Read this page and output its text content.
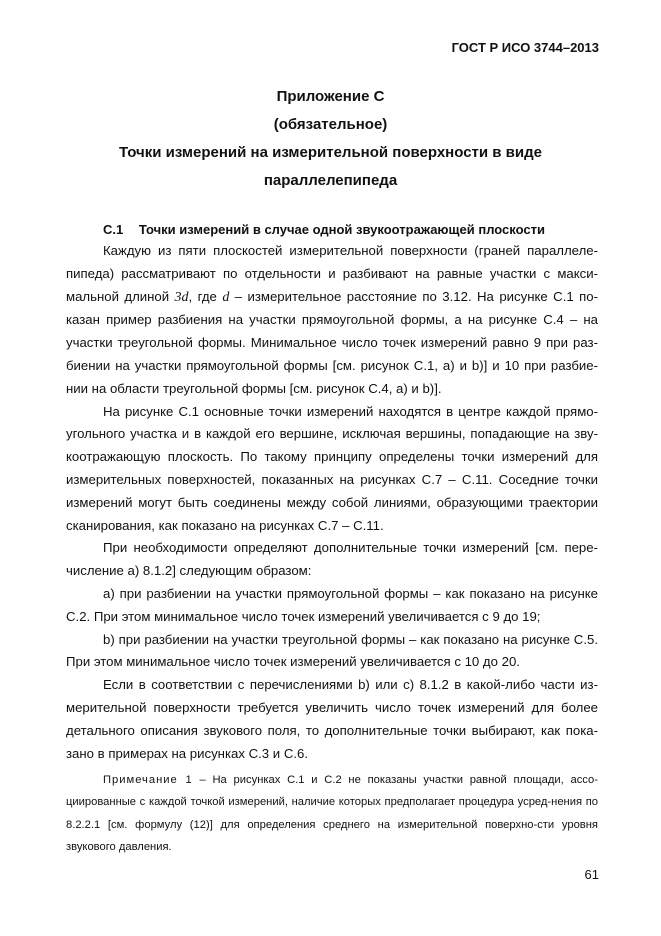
ГОСТ Р ИСО 3744–2013
Приложение C
(обязательное)
Точки измерений на измерительной поверхности в виде
параллелепипеда
C.1 Точки измерений в случае одной звукоотражающей плоскости

Каждую из пяти плоскостей измерительной поверхности (граней параллеле-пипеда) рассматривают по отдельности и разбивают на равные участки с макси-мальной длиной 3d, где d – измерительное расстояние по 3.12. На рисунке С.1 по-казан пример разбиения на участки прямоугольной формы, а на рисунке С.4 – на участки треугольной формы. Минимальное число точек измерений равно 9 при раз-биении на участки прямоугольной формы [см. рисунок С.1, а) и b)] и 10 при разбие-нии на области треугольной формы [см. рисунок С.4, а) и b)].

На рисунке С.1 основные точки измерений находятся в центре каждой прямо-угольного участка и в каждой его вершине, исключая вершины, попадающие на зву-коотражающую плоскость. По такому принципу определены точки измерений для измерительных поверхностей, показанных на рисунках С.7 – С.11. Соседние точки измерений могут быть соединены между собой линиями, образующими траектории сканирования, как показано на рисунках С.7 – С.11.

При необходимости определяют дополнительные точки измерений [см. пере-числение а) 8.1.2] следующим образом:

а) при разбиении на участки прямоугольной формы – как показано на рисунке С.2. При этом минимальное число точек измерений увеличивается с 9 до 19;

b) при разбиении на участки треугольной формы – как показано на рисунке С.5. При этом минимальное число точек измерений увеличивается с 10 до 20.

Если в соответствии с перечислениями b) или с) 8.1.2 в какой-либо части из-мерительной поверхности требуется увеличить число точек измерений для более детального описания звукового поля, то дополнительные точки выбирают, как пока-зано в примерах на рисунках С.3 и С.6.

Примечание 1 – На рисунках С.1 и С.2 не показаны участки равной площади, ассо-циированные с каждой точкой измерений, наличие которых предполагает процедура усред-нения по 8.2.2.1 [см. формулу (12)] для определения среднего на измерительной поверхно-сти уровня звукового давления.

61
